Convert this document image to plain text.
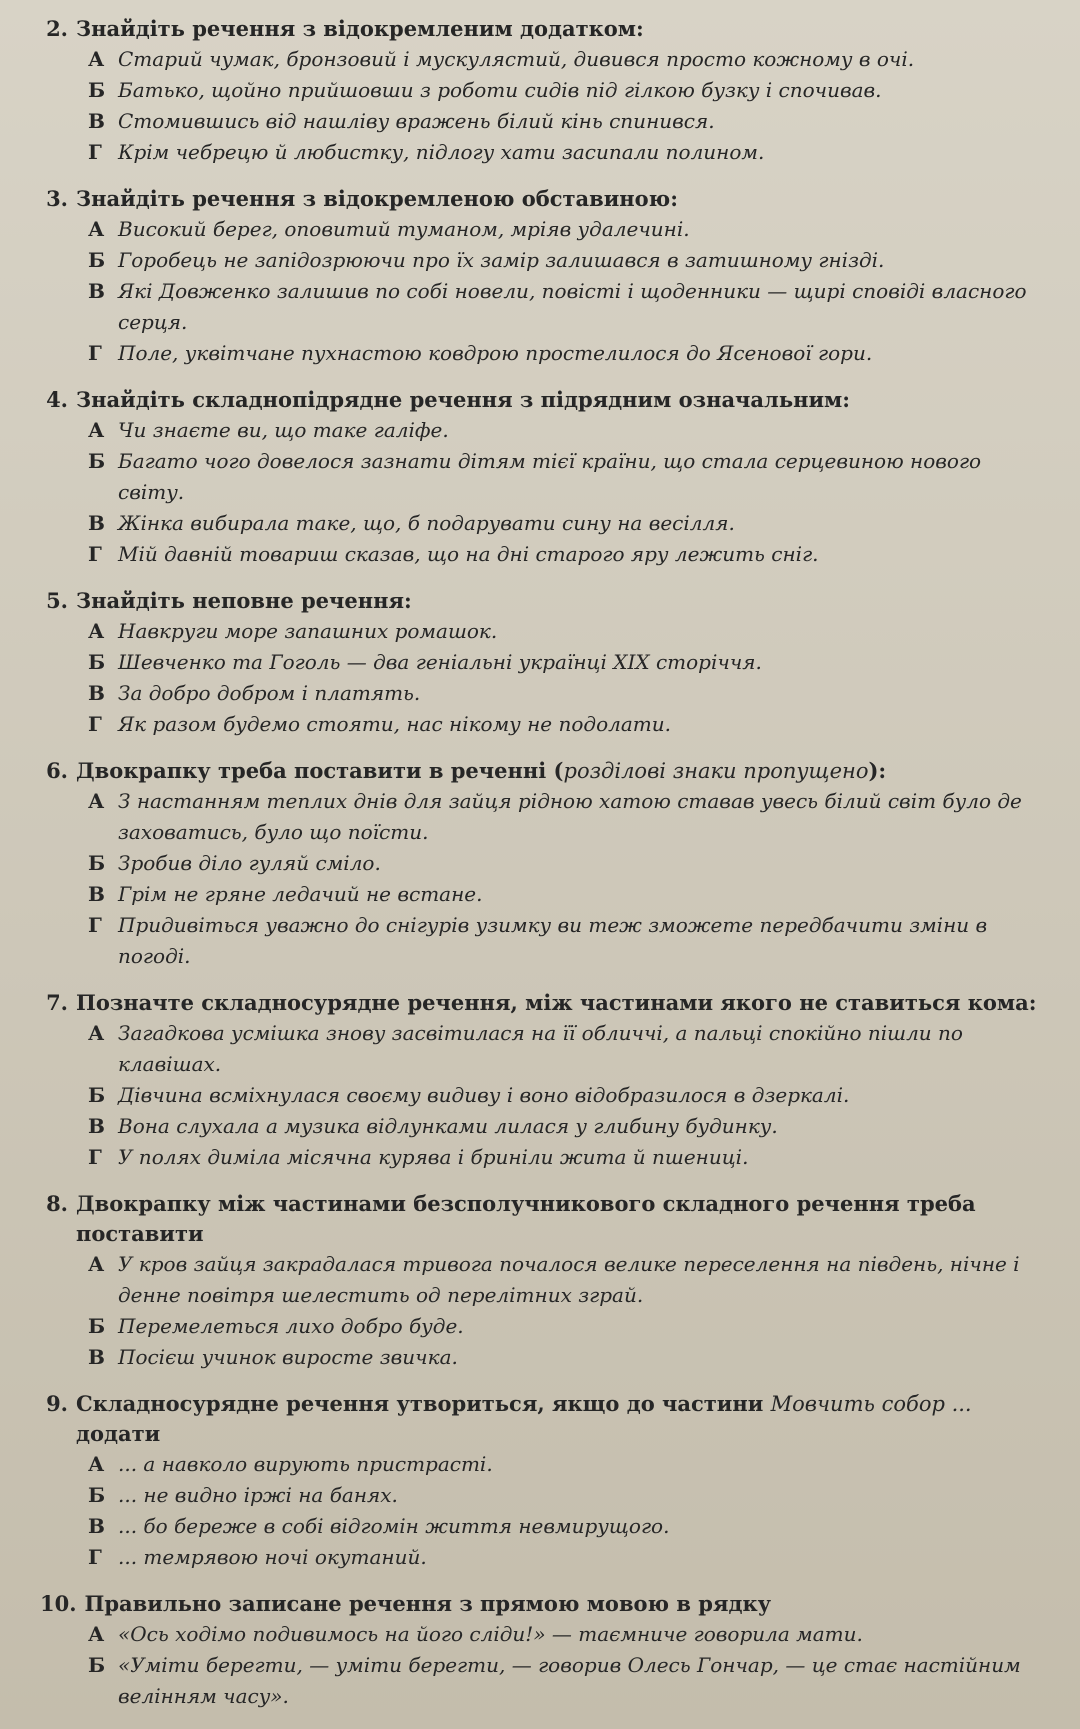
2. Знайдіть речення з відокремленим додатком:
А Старий чумак, бронзовий і мускулястий, дивився просто кожному в очі.
Б Батько, щойно прийшовши з роботи сидів під гілкою бузку і спочивав.
В Стомившись від нашліву вражень білий кінь спинився.
Г Крім чебрецю й любистку, підлогу хати засипали полином.
3. Знайдіть речення з відокремленою обставиною:
А Високий берег, оповитий туманом, мріяв удалечині.
Б Горобець не запідозрюючи про їх замір залишався в затишному гнізді.
В Які Довженко залишив по собі новели, повісті і щоденники — щирі сповіді власного серця.
Г Поле, уквітчане пухнастою ковдрою простелилося до Ясенової гори.
4. Знайдіть складнопідрядне речення з підрядним означальним:
А Чи знаєте ви, що таке галіфе.
Б Багато чого довелося зазнати дітям тієї країни, що стала серцевиною нового світу.
В Жінка вибирала таке, що, б подарувати сину на весілля.
Г Мій давній товариш сказав, що на дні старого яру лежить сніг.
5. Знайдіть неповне речення:
А Навкруги море запашних ромашок.
Б Шевченко та Гоголь — два геніальні українці XIX сторіччя.
В За добро добром і платять.
Г Як разом будемо стояти, нас нікому не подолати.
6. Двокрапку треба поставити в реченні (розділові знаки пропущено):
А З настанням теплих днів для зайця рідною хатою ставав увесь білий світ було де заховатись, було що поїсти.
Б Зробив діло гуляй сміло.
В Грім не гряне ледачий не встане.
Г Придивіться уважно до снігурів узимку ви теж зможете передбачити зміни в погоді.
7. Позначте складносурядне речення, між частинами якого не ставиться кома:
А Загадкова усмішка знову засвітилася на її обличчі, а пальці спокійно пішли по клавішах.
Б Дівчина всміхнулася своєму видиву і воно відобразилося в дзеркалі.
В Вона слухала а музика відлунками лилася у глибину будинку.
Г У полях диміла місячна курява і бриніли жита й пшениці.
8. Двокрапку між частинами безсполучникового складного речення треба поставити
А У кров зайця закрадалася тривога почалося велике переселення на південь, нічне і денне повітря шелестить од перелітних зграй.
Б Перемелеться лихо добро буде.
В Посієш учинок виросте звичка.
9. Складносурядне речення утвориться, якщо до частини Мовчить собор ... додати
А ... а навколо вирують пристрасті.
Б ... не видно іржі на банях.
В ... бо береже в собі відгомін життя невмирущого.
Г ... темрявою ночі окутаний.
10. Правильно записане речення з прямою мовою в рядку
А «Ось ходімо подивимось на його сліди!» — таємниче говорила мати.
Б «Уміти берегти, — уміти берегти, — говорив Олесь Гончар, — це стає настійним велінням часу».
